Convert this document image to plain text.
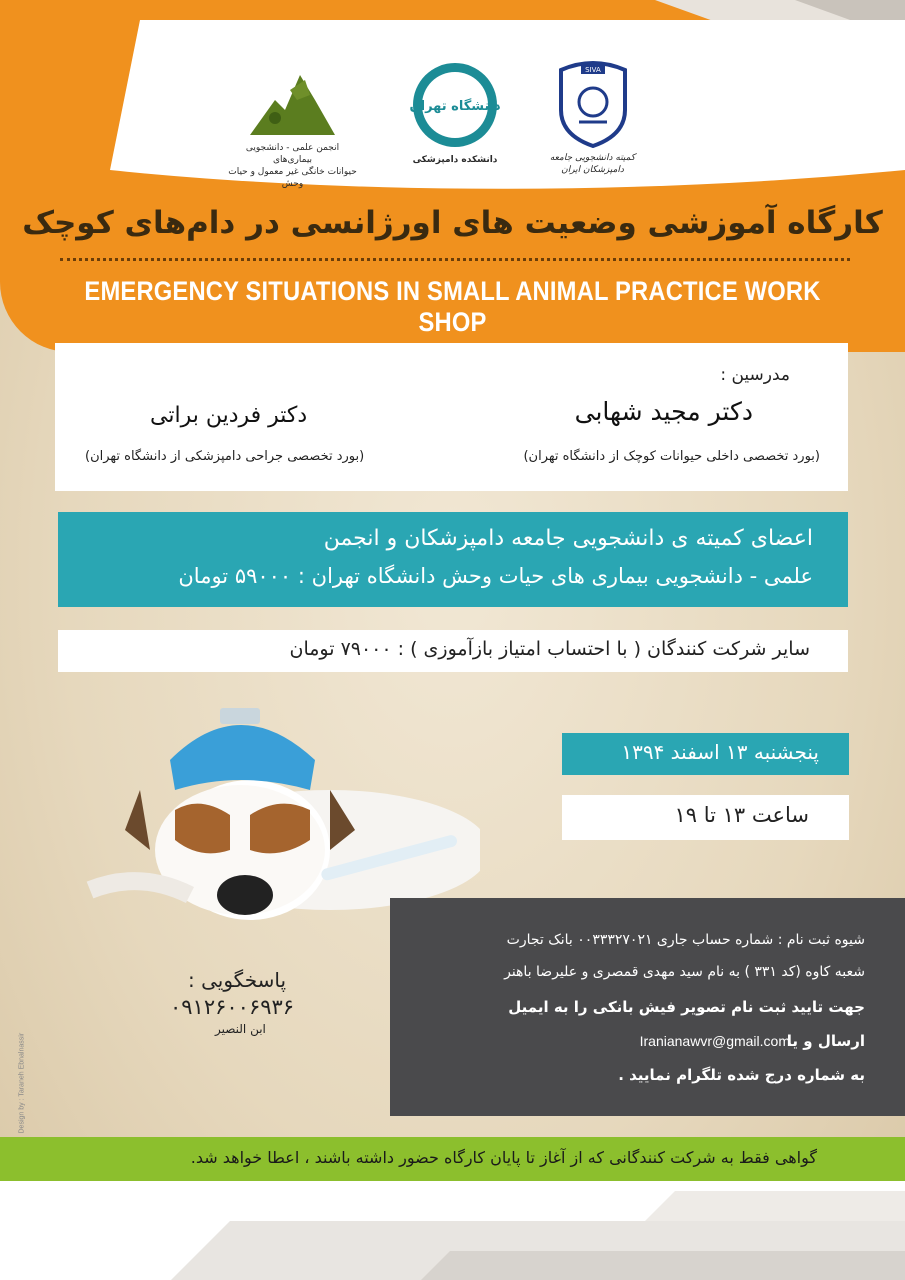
انجمن علمی - دانشجویی بیماری‌های
حیوانات خانگی غیر معمول و حیات وحش
دانشگاه تهران
دانشکده دامپزشکی
SIVA
کمیته دانشجویی جامعه دامپزشکان ایران
کارگاه آموزشی وضعیت های اورژانسی در دام‌های کوچک
EMERGENCY SITUATIONS IN SMALL ANIMAL PRACTICE WORK SHOP
مدرسین :
دکتر مجید شهابی
(بورد تخصصی داخلی حیوانات کوچک از دانشگاه تهران)
دکتر فردین براتی
(بورد تخصصی جراحی دامپزشکی از دانشگاه تهران)
اعضای کمیته ی دانشجویی جامعه دامپزشکان و انجمن
علمی - دانشجویی بیماری های حیات وحش دانشگاه تهران : ۵۹۰۰۰ تومان
سایر شرکت کنندگان ( با احتساب امتیاز بازآموزی ) : ۷۹۰۰۰ تومان
پنجشنبه ۱۳ اسفند ۱۳۹۴
ساعت ۱۳ تا ۱۹
پاسخگویی :
۰۹۱۲۶۰۰۶۹۳۶
ابن النصیر
شیوه ثبت نام : شماره حساب جاری ۰۰۳۳۳۲۷۰۲۱ بانک تجارت
شعبه کاوه (کد ۳۳۱ ) به نام سید مهدی قمصری و علیرضا باهنر
جهت تایید ثبت نام تصویر فیش بانکی را به ایمیل
ارسال و یا
Iranianawvr@gmail.com
به شماره درج شده تلگرام نمایید .
Design by : Taraneh Ebnalnassir
گواهی فقط به شرکت کنندگانی که از آغاز تا پایان کارگاه حضور داشته باشند ، اعطا خواهد شد.
